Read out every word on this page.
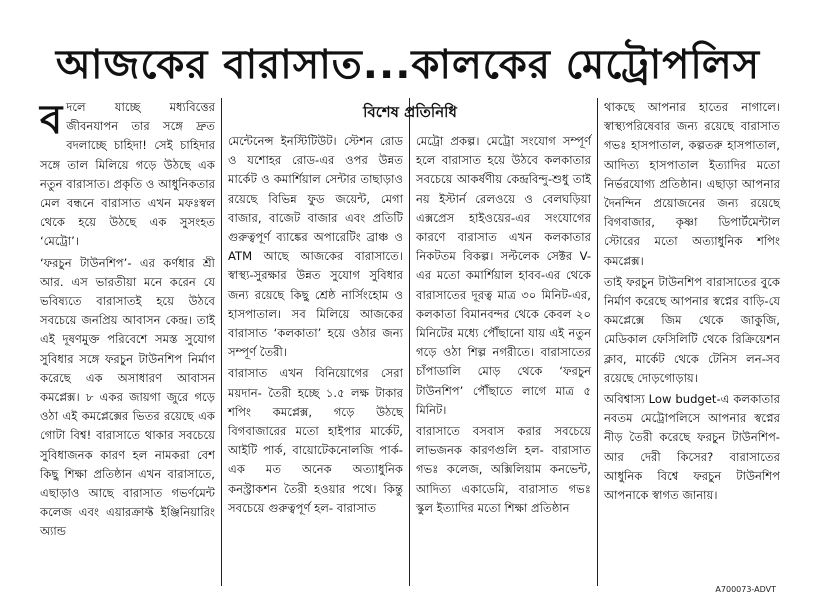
আজকের বারাসাত...কালকের মেট্রোপলিস
বিশেষ প্রতিনিধি

বদলে যাচ্ছে মধ্যবিত্তের জীবনযাপন তার সঙ্গে দ্রুত বদলাচ্ছে চাহিদা! সেই চাহিদার সঙ্গে তাল মিলিয়ে গড়ে উঠছে এক নতুন বারাসাত। প্রকৃতি ও আধুনিকতার মেল বন্ধনে বারাসাত এখন মফঃস্বল থেকে হয়ে উঠছে এক সুসংহত ‘মেট্রো’।

‘ফরচুন টাউনশিপ’- এর কর্ণধার শ্রী আর. এস ভারতীয়া মনে করেন যে ভবিষ্যতে বারাসাতই হয়ে উঠবে সবচেয়ে জনপ্রিয় আবাসন কেন্দ্র। তাই এই দূষণমুক্ত পরিবেশে সমস্ত সুযোগ সুবিধার সঙ্গে ফরচুন টাউনশিপ নির্মাণ করেছে এক অসাধারণ আবাসন কমপ্লেক্স। ৮ একর জায়গা জুরে গড়ে ওঠা এই কমপ্লেক্সের ভিতর রয়েছে এক গোটা বিশ্ব! বারাসাতে থাকার সবচেয়ে সুবিধাজনক কারণ হল নামকরা বেশ কিছু শিক্ষা প্রতিষ্ঠান এখন বারাসাতে, এছাড়াও আছে বারাসাত গভর্ণমেন্ট কলেজ এবং এয়ারক্রাফ্ট ইঞ্জিনিয়ারিং অ্যান্ড

মেন্টেনেন্স ইনস্টিটিউট। স্টেশন রোড ও যশোহর রোড-এর ওপর উন্নত মার্কেট ও কমার্শিয়াল সেন্টার তাছাড়াও রয়েছে বিভিন্ন ফুড জয়েন্ট, মেগা বাজার, বাজেট বাজার এবং প্রতিটি গুরুত্বপূর্ণ ব্যাঙ্কের অপারেটিং ব্রাঞ্চ ও ATM আছে আজকের বারাসাতে। স্বাস্থ্য-সুরক্ষার উন্নত সুযোগ সুবিধার জন্য রয়েছে কিছু শ্রেষ্ঠ নার্সিংহোম ও হাসপাতাল। সব মিলিয়ে আজকের বারাসাত ‘কলকাতা’ হয়ে ওঠার জন্য সম্পূর্ণ তৈরী।

বারাসাত এখন বিনিয়োগের সেরা ময়দান- তৈরী হচ্ছে ১.৫ লক্ষ টাকার শপিং কমপ্লেক্স, গড়ে উঠছে বিগবাজারের মতো হাইপার মার্কেট, আইটি পার্ক, বায়োটেকনোলজি পার্ক- এক মত অনেক অত্যাধুনিক কনস্ট্রাকশন তৈরী হওয়ার পথে। কিন্তু সবচেয়ে গুরুত্বপূর্ণ হল- বারাসাত

মেট্রো প্রকল্প। মেট্রো সংযোগ সম্পূর্ণ হলে বারাসাত হয়ে উঠবে কলকাতার সবচেয়ে আকর্ষণীয় কেন্দ্রবিন্দু-শুধু তাই নয় ইস্টার্ন রেলওয়ে ও বেলঘড়িয়া এক্সপ্রেস হাইওয়ের-এর সংযোগের কারণে বারাসাত এখন কলকাতার নিকটতম বিকল্প। সল্টলেক সেক্টর V-এর মতো কমার্শিয়াল হাবব-এর থেকে বারাসাতের দূরত্ব মাত্র ৩০ মিনিট-এর, কলকাতা বিমানবন্দর থেকে কেবল ২০ মিনিটের মধ্যে পৌঁছানো যায় এই নতুন গড়ে ওঠা শিল্প নগরীতে। বারাসাতের চাঁপাডালি মোড় থেকে ‘ফরচুন টাউনশিপ’ পৌঁছাতে লাগে মাত্র ৫ মিনিট।

বারাসাতে বসবাস করার সবচেয়ে লাভজনক কারণগুলি হল- বারাসাত গভঃ কলেজ, অক্সিলিয়াম কনভেন্ট, আদিত্য একাডেমি, বারাসাত গভঃ স্কুল ইত্যাদির মতো শিক্ষা প্রতিষ্ঠান

থাকছে আপনার হাতের নাগালে। স্বাস্থ্যপরিষেবার জন্য রয়েছে বারাসাত গভঃ হাসপাতাল, কল্পতরু হাসপাতাল, আদিত্য হাসপাতাল ইত্যাদির মতো নির্ভরযোগ্য প্রতিষ্ঠান। এছাড়া আপনার দৈনন্দিন প্রয়োজনের জন্য রয়েছে বিগবাজার, কৃষ্ণা ডিপার্টমেন্টাল স্টোরের মতো অত্যাধুনিক শপিং কমপ্লেক্স।

তাই ফরচুন টাউনশিপ বারাসাতের বুকে নির্মাণ করেছে আপনার স্বপ্নের বাড়ি-যে কমপ্লেক্সে জিম থেকে জাকুজি, মেডিকাল ফেসিলিটি থেকে রিক্রিয়েশন ক্লাব, মার্কেট থেকে টেনিস লন-সব রয়েছে দোড়গোড়ায়।

অবিশ্বাস্য Low budget-এ কলকাতার নবতম মেট্রোপলিসে আপনার স্বপ্নের নীড় তৈরী করেছে ফরচুন টাউনশিপ- আর দেরী কিসের? বারাসাতের আধুনিক বিশ্বে ফরচুন টাউনশিপ আপনাকে স্বাগত জানায়।

A700073-ADVT
